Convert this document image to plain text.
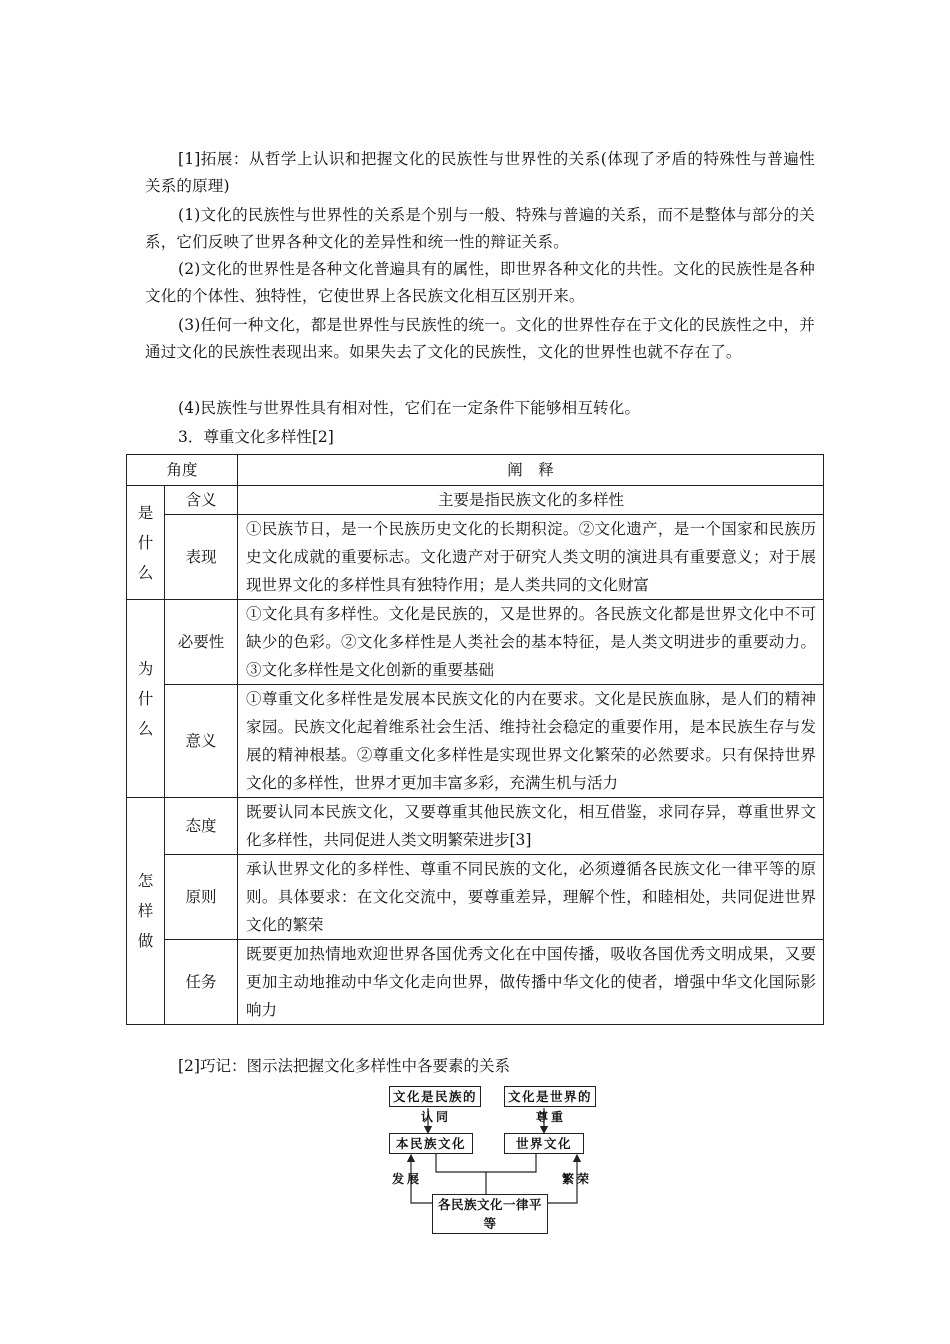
[1]拓展：从哲学上认识和把握文化的民族性与世界性的关系(体现了矛盾的特殊性与普遍性关系的原理)
(1)文化的民族性与世界性的关系是个别与一般、特殊与普遍的关系，而不是整体与部分的关系，它们反映了世界各种文化的差异性和统一性的辩证关系。
(2)文化的世界性是各种文化普遍具有的属性，即世界各种文化的共性。文化的民族性是各种文化的个体性、独特性，它使世界上各民族文化相互区别开来。
(3)任何一种文化，都是世界性与民族性的统一。文化的世界性存在于文化的民族性之中，并通过文化的民族性表现出来。如果失去了文化的民族性，文化的世界性也就不存在了。
(4)民族性与世界性具有相对性，它们在一定条件下能够相互转化。
3．尊重文化多样性[2]
角度		阐　释

是什么	含义	主要是指民族文化的多样性
	表现	①民族节日，是一个民族历史文化的长期积淀。②文化遗产，是一个国家和民族历史文化成就的重要标志。文化遗产对于研究人类文明的演进具有重要意义；对于展现世界文化的多样性具有独特作用；是人类共同的文化财富

为什么	必要性	①文化具有多样性。文化是民族的，又是世界的。各民族文化都是世界文化中不可缺少的色彩。②文化多样性是人类社会的基本特征，是人类文明进步的重要动力。③文化多样性是文化创新的重要基础
	意义	①尊重文化多样性是发展本民族文化的内在要求。文化是民族血脉，是人们的精神家园。民族文化起着维系社会生活、维持社会稳定的重要作用，是本民族生存与发展的精神根基。②尊重文化多样性是实现世界文化繁荣的必然要求。只有保持世界文化的多样性，世界才更加丰富多彩，充满生机与活力

怎样做	态度	既要认同本民族文化，又要尊重其他民族文化，相互借鉴，求同存异，尊重世界文化多样性，共同促进人类文明繁荣进步[3]
	原则	承认世界文化的多样性、尊重不同民族的文化，必须遵循各民族文化一律平等的原则。具体要求：在文化交流中，要尊重差异，理解个性，和睦相处，共同促进世界文化的繁荣
	任务	既要更加热情地欢迎世界各国优秀文化在中国传播，吸收各国优秀文明成果，又要更加主动地推动中华文化走向世界，做传播中华文化的使者，增强中华文化国际影响力
[2]巧记：图示法把握文化多样性中各要素的关系
文化是民族的	文化是世界的
认同	尊重
本民族文化	世界文化
发展	繁荣
各民族文化一律平等
